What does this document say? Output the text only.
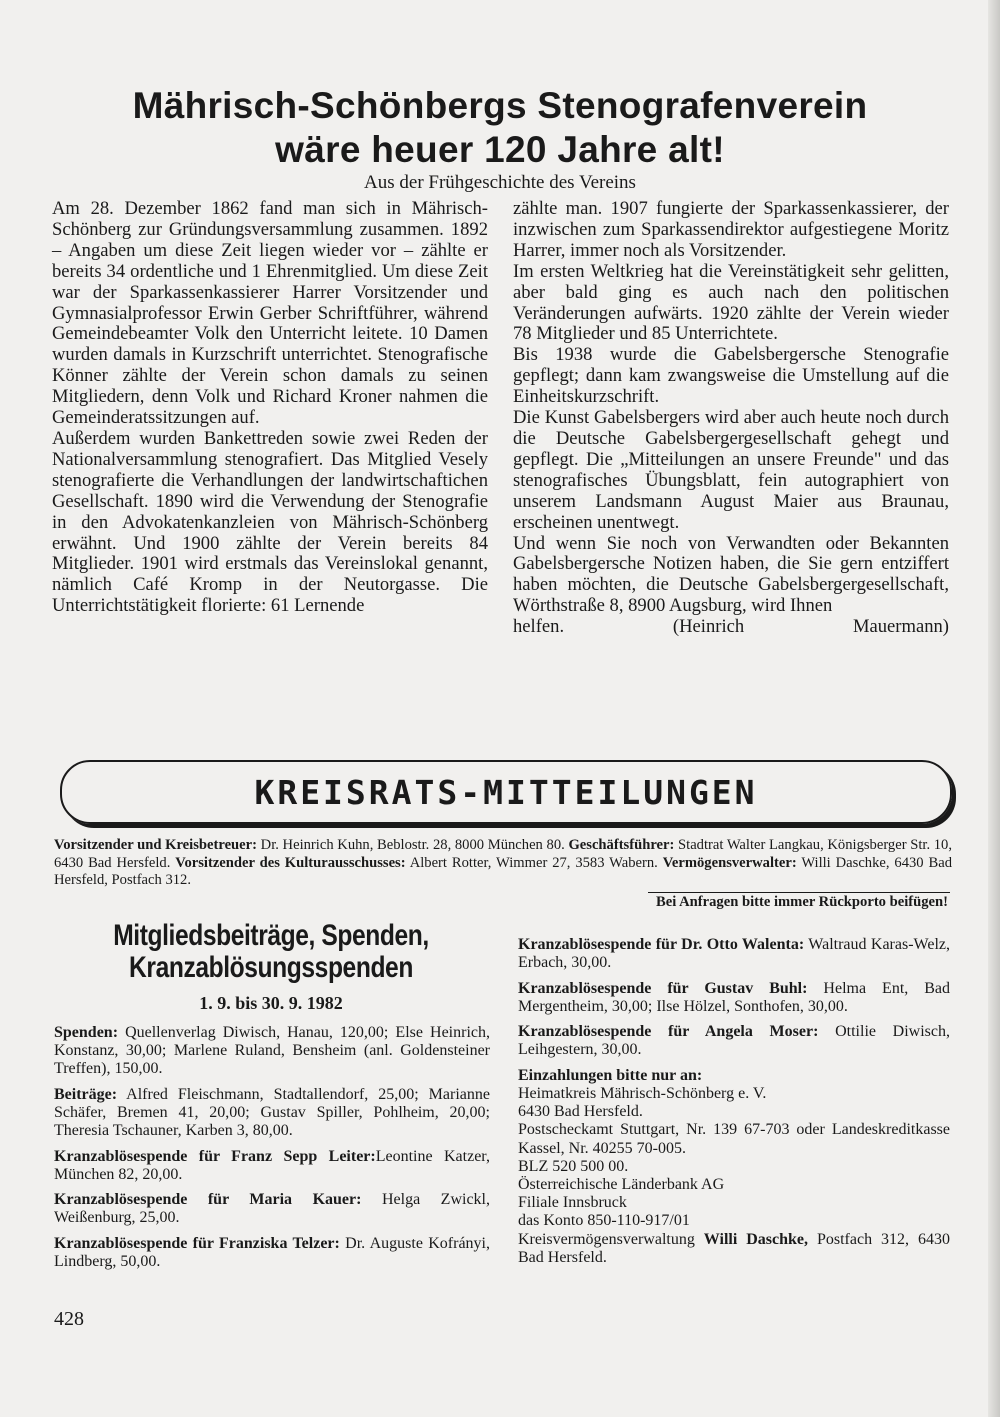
Mährisch-Schönbergs Stenografenverein
wäre heuer 120 Jahre alt!
Aus der Frühgeschichte des Vereins

Am 28. Dezember 1862 fand man sich in Mährisch-Schönberg zur Gründungsversammlung zusammen. 1892 – Angaben um diese Zeit liegen wieder vor – zählte er bereits 34 ordentliche und 1 Ehrenmitglied. Um diese Zeit war der Sparkassenkassierer Harrer Vorsitzender und Gymnasialprofessor Erwin Gerber Schriftführer, während Gemeindebeamter Volk den Unterricht leitete. 10 Damen wurden damals in Kurzschrift unterrichtet. Stenografische Könner zählte der Verein schon damals zu seinen Mitgliedern, denn Volk und Richard Kroner nahmen die Gemeinderatssitzungen auf.

Außerdem wurden Bankettreden sowie zwei Reden der Nationalversammlung stenografiert. Das Mitglied Vesely stenografierte die Verhandlungen der landwirtschaftichen Gesellschaft. 1890 wird die Verwendung der Stenografie in den Advokatenkanzleien von Mährisch-Schönberg erwähnt. Und 1900 zählte der Verein bereits 84 Mitglieder. 1901 wird erstmals das Vereinslokal genannt, nämlich Café Kromp in der Neutorgasse. Die Unterrichtstätigkeit florierte: 61 Lernende

zählte man. 1907 fungierte der Sparkassenkassierer, der inzwischen zum Sparkassendirektor aufgestiegene Moritz Harrer, immer noch als Vorsitzender.

Im ersten Weltkrieg hat die Vereinstätigkeit sehr gelitten, aber bald ging es auch nach den politischen Veränderungen aufwärts. 1920 zählte der Verein wieder 78 Mitglieder und 85 Unterrichtete.

Bis 1938 wurde die Gabelsbergersche Stenografie gepflegt; dann kam zwangsweise die Umstellung auf die Einheitskurzschrift.

Die Kunst Gabelsbergers wird aber auch heute noch durch die Deutsche Gabelsbergergesellschaft gehegt und gepflegt. Die „Mitteilungen an unsere Freunde" und das stenografisches Übungsblatt, fein autographiert von unserem Landsmann August Maier aus Braunau, erscheinen unentwegt.

Und wenn Sie noch von Verwandten oder Bekannten Gabelsbergersche Notizen haben, die Sie gern entziffert haben möchten, die Deutsche Gabelsbergergesellschaft, Wörthstraße 8, 8900 Augsburg, wird Ihnen

helfen.	(Heinrich Mauermann)

KREISRATS-MITTEILUNGEN
Vorsitzender und Kreisbetreuer: Dr. Heinrich Kuhn, Beblostr. 28, 8000 München 80. Geschäftsführer: Stadtrat Walter Langkau, Königsberger Str. 10, 6430 Bad Hersfeld. Vorsitzender des Kulturausschusses: Albert Rotter, Wimmer 27, 3583 Wabern. Vermögensverwalter: Willi Daschke, 6430 Bad Hersfeld, Postfach 312.
Bei Anfragen bitte immer Rückporto beifügen!
Mitgliedsbeiträge, Spenden,
Kranzablösungsspenden
1. 9. bis 30. 9. 1982

Spenden: Quellenverlag Diwisch, Hanau, 120,00; Else Heinrich, Konstanz, 30,00; Marlene Ruland, Bensheim (anl. Goldensteiner Treffen), 150,00.

Beiträge: Alfred Fleischmann, Stadtallendorf, 25,00; Marianne Schäfer, Bremen 41, 20,00; Gustav Spiller, Pohlheim, 20,00; Theresia Tschauner, Karben 3, 80,00.

Kranzablösespende für Franz Sepp Leiter:Leontine Katzer, München 82, 20,00.

Kranzablösespende für Maria Kauer: Helga Zwickl, Weißenburg, 25,00.

Kranzablösespende für Franziska Telzer: Dr. Auguste Kofrányi, Lindberg, 50,00.

Kranzablösespende für Dr. Otto Walenta: Waltraud Karas-Welz, Erbach, 30,00.

Kranzablösespende für Gustav Buhl: Helma Ent, Bad Mergentheim, 30,00; Ilse Hölzel, Sonthofen, 30,00.

Kranzablösespende für Angela Moser: Ottilie Diwisch, Leihgestern, 30,00.

Einzahlungen bitte nur an:
Heimatkreis Mährisch-Schönberg e. V.
6430 Bad Hersfeld.
Postscheckamt Stuttgart, Nr. 139 67-703 oder Landeskreditkasse Kassel, Nr. 40255 70-005.
BLZ 520 500 00.
Österreichische Länderbank AG
Filiale Innsbruck
das Konto 850-110-917/01
Kreisvermögensverwaltung Willi Daschke, Postfach 312, 6430 Bad Hersfeld.
428
